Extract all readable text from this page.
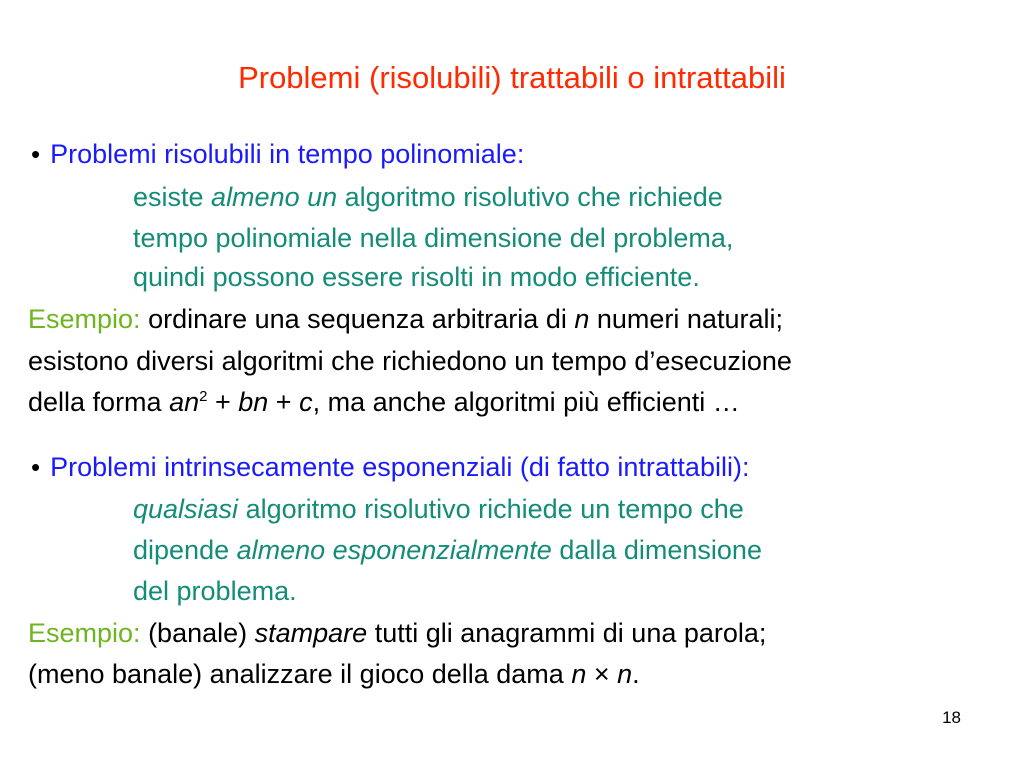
Problemi (risolubili) trattabili o intrattabili
• Problemi risolubili in tempo polinomiale:
esiste almeno un algoritmo risolutivo che richiede
tempo polinomiale nella dimensione del problema,
quindi possono essere risolti in modo efficiente.
Esempio: ordinare una sequenza arbitraria di n numeri naturali;
esistono diversi algoritmi che richiedono un tempo d’esecuzione
della forma $an^2$ + bn + c, ma anche algoritmi più efficienti …
• Problemi intrinsecamente esponenziali (di fatto intrattabili):
qualsiasi algoritmo risolutivo richiede un tempo che
dipende almeno esponenzialmente dalla dimensione
del problema.
Esempio: (banale) stampare tutti gli anagrammi di una parola;
(meno banale) analizzare il gioco della dama n × n.
18
